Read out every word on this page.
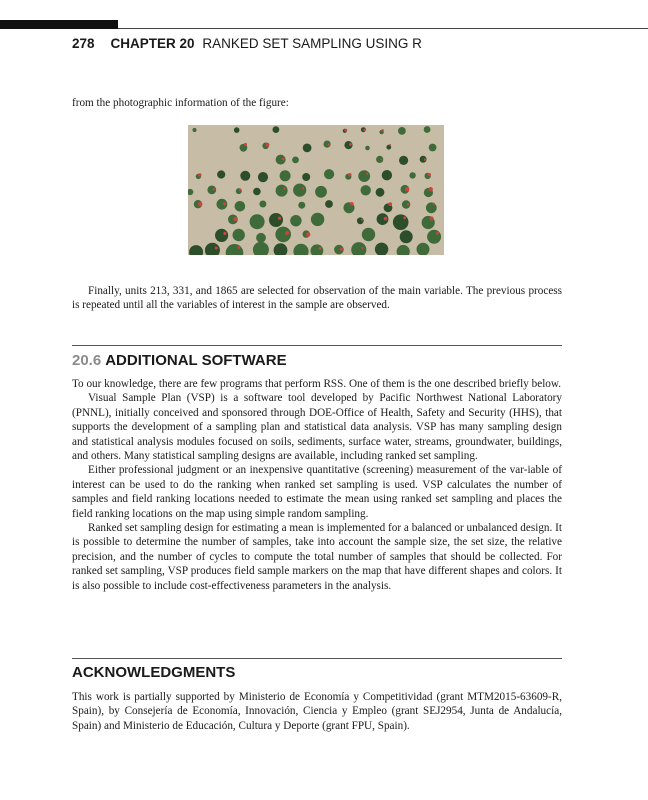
278 CHAPTER 20 RANKED SET SAMPLING USING R

from the photographic information of the figure:

Finally, units 213, 331, and 1865 are selected for observation of the main variable. The previous process is repeated until all the variables of interest in the sample are observed.

20.6 ADDITIONAL SOFTWARE

To our knowledge, there are few programs that perform RSS. One of them is the one described briefly below.

Visual Sample Plan (VSP) is a software tool developed by Pacific Northwest National Laboratory (PNNL), initially conceived and sponsored through DOE-Office of Health, Safety and Security (HHS), that supports the development of a sampling plan and statistical data analysis. VSP has many sampling design and statistical analysis modules focused on soils, sediments, surface water, streams, groundwater, buildings, and others. Many statistical sampling designs are available, including ranked set sampling.

Either professional judgment or an inexpensive quantitative (screening) measurement of the var-iable of interest can be used to do the ranking when ranked set sampling is used. VSP calculates the number of samples and field ranking locations needed to estimate the mean using ranked set sampling and places the field ranking locations on the map using simple random sampling.

Ranked set sampling design for estimating a mean is implemented for a balanced or unbalanced design. It is possible to determine the number of samples, take into account the sample size, the set size, the relative precision, and the number of cycles to compute the total number of samples that should be collected. For ranked set sampling, VSP produces field sample markers on the map that have different shapes and colors. It is also possible to include cost-effectiveness parameters in the analysis.

ACKNOWLEDGMENTS

This work is partially supported by Ministerio de Economía y Competitividad (grant MTM2015-63609-R, Spain), by Consejería de Economía, Innovación, Ciencia y Empleo (grant SEJ2954, Junta de Andalucía, Spain) and Ministerio de Educación, Cultura y Deporte (grant FPU, Spain).
